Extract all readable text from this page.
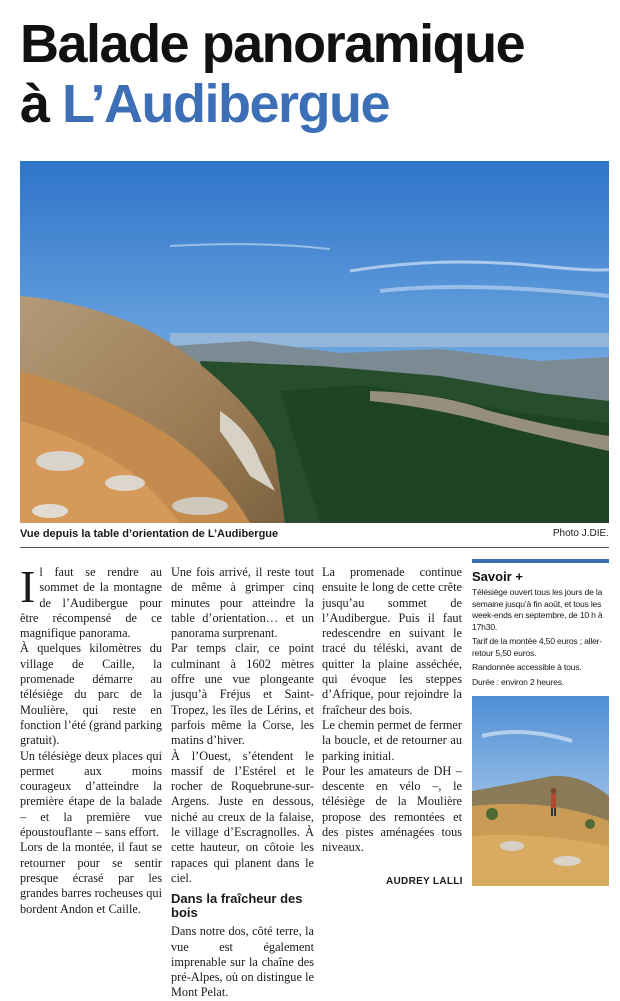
Balade panoramique
à L’Audibergue
Vue depuis la table d’orientation de L’Audibergue	Photo J.DIE.

Il faut se rendre au sommet de la montagne de l’Audibergue pour être récompensé de ce magnifique panorama.

À quelques kilomètres du village de Caille, la promenade démarre au télésiège du parc de la Moulière, qui reste en fonction l’été (grand parking gratuit).

Un télésiège deux places qui permet aux moins courageux d’atteindre la première étape de la balade – et la première vue époustouflante – sans effort.

Lors de la montée, il faut se retourner pour se sentir presque écrasé par les grandes barres rocheuses qui bordent Andon et Caille.

Une fois arrivé, il reste tout de même à grimper cinq minutes pour atteindre la table d’orientation… et un panorama surprenant.

Par temps clair, ce point culminant à 1602 mètres offre une vue plongeante jusqu’à Fréjus et Saint-Tropez, les îles de Lérins, et parfois même la Corse, les matins d’hiver.

À l’Ouest, s’étendent le massif de l’Estérel et le rocher de Roquebrune-sur-Argens. Juste en dessous, niché au creux de la falaise, le village d’Escragnolles. À cette hauteur, on côtoie les rapaces qui planent dans le ciel.

Dans la fraîcheur des bois

Dans notre dos, côté terre, la vue est également imprenable sur la chaîne des pré-Alpes, où on distingue le Mont Pelat.

La promenade continue ensuite le long de cette crête jusqu’au sommet de l’Audibergue. Puis il faut redescendre en suivant le tracé du téléski, avant de quitter la plaine asséchée, qui évoque les steppes d’Afrique, pour rejoindre la fraîcheur des bois.

Le chemin permet de fermer la boucle, et de retourner au parking initial.

Pour les amateurs de DH – descente en vélo –, le télésiège de la Moulière propose des remontées et des pistes aménagées tous niveaux.

Savoir +

Télésiège ouvert tous les jours de la semaine jusqu’à fin août, et tous les week-ends en septembre, de 10 h à 17h30.

Tarif de la montée 4,50 euros ; aller-retour 5,50 euros.

Randonnée accessible à tous.

Durée : environ 2 heures.

AUDREY LALLI
